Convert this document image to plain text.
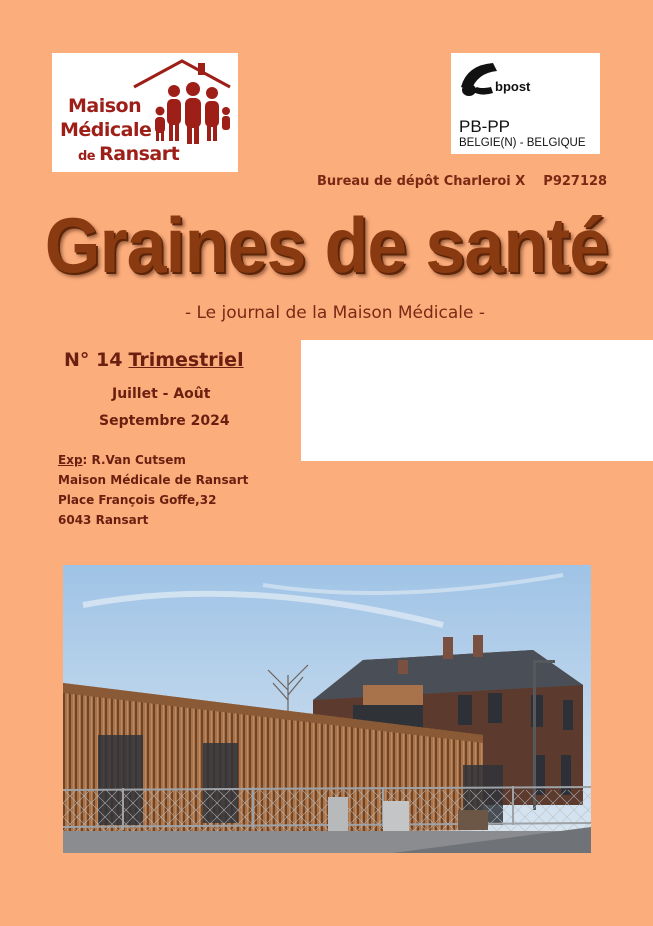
Maison
Médicale
de Ransart
bpost
PB-PP
BELGIE(N) - BELGIQUE
Bureau de dépôt Charleroi X P927128
Graines de santé
- Le journal de la Maison Médicale -
N° 14 Trimestriel
Juillet - Août
Septembre 2024
Exp: R.Van Cutsem
Maison Médicale de Ransart
Place François Goffe,32
6043 Ransart
